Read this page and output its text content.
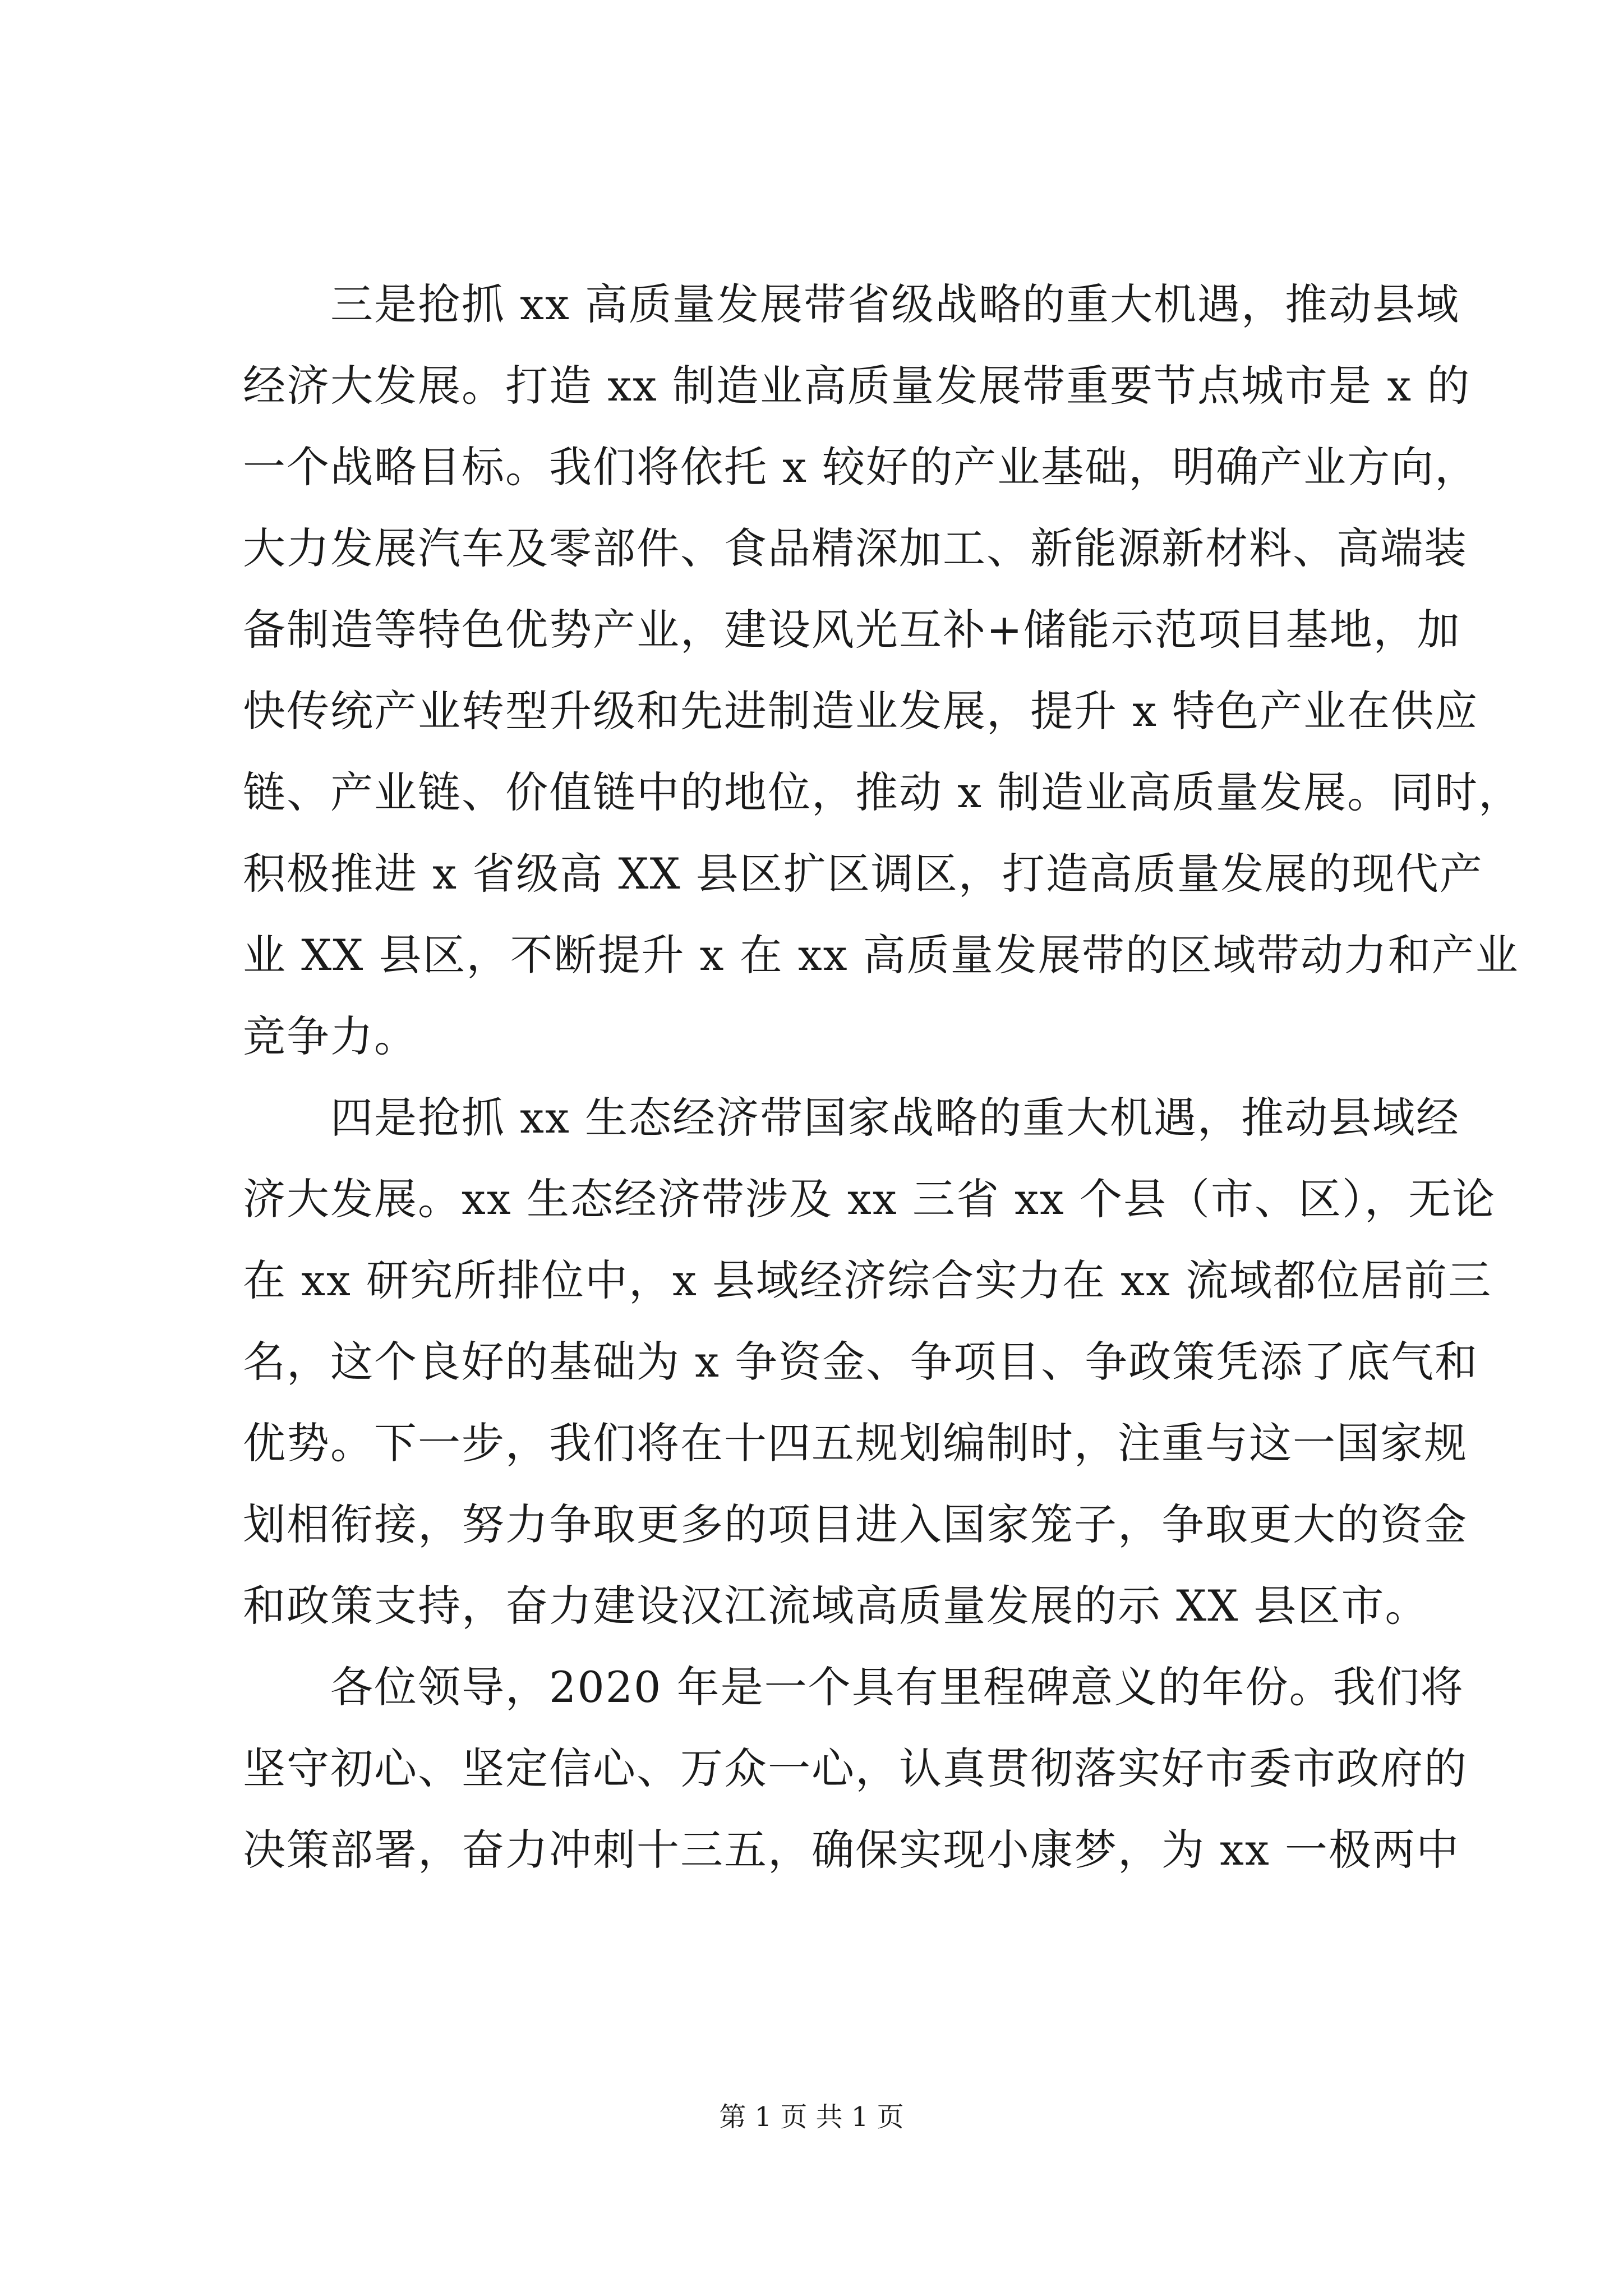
三是抢抓 xx 高质量发展带省级战略的重大机遇，推动县域
经济大发展。打造 xx 制造业高质量发展带重要节点城市是 x 的
一个战略目标。我们将依托 x 较好的产业基础，明确产业方向，
大力发展汽车及零部件、食品精深加工、新能源新材料、高端装
备制造等特色优势产业，建设风光互补+储能示范项目基地，加
快传统产业转型升级和先进制造业发展，提升 x 特色产业在供应
链、产业链、价值链中的地位，推动 x 制造业高质量发展。同时，
积极推进 x 省级高 XX 县区扩区调区，打造高质量发展的现代产
业 XX 县区，不断提升 x 在 xx 高质量发展带的区域带动力和产业
竞争力。
四是抢抓 xx 生态经济带国家战略的重大机遇，推动县域经
济大发展。xx 生态经济带涉及 xx 三省 xx 个县（市、区），无论
在 xx 研究所排位中，x 县域经济综合实力在 xx 流域都位居前三
名，这个良好的基础为 x 争资金、争项目、争政策凭添了底气和
优势。下一步，我们将在十四五规划编制时，注重与这一国家规
划相衔接，努力争取更多的项目进入国家笼子，争取更大的资金
和政策支持，奋力建设汉江流域高质量发展的示 XX 县区市。
各位领导，2020 年是一个具有里程碑意义的年份。我们将
坚守初心、坚定信心、万众一心，认真贯彻落实好市委市政府的
决策部署，奋力冲刺十三五，确保实现小康梦，为 xx 一极两中
第 1 页 共 1 页
